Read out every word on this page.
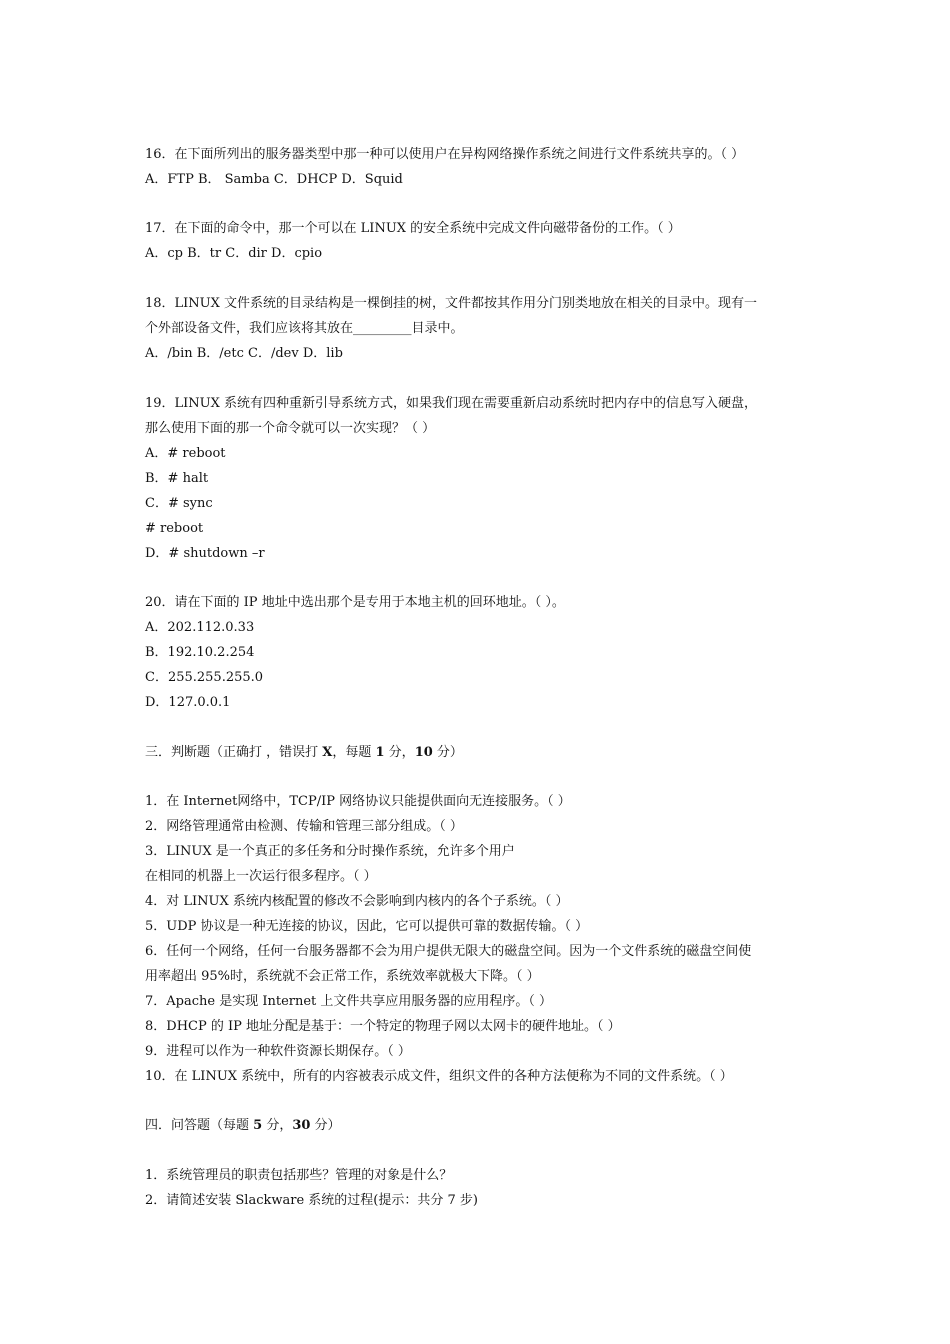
16．在下面所列出的服务器类型中那一种可以使用户在异构网络操作系统之间进行文件系统共享的。（ ）
A．FTP B． Samba C．DHCP D．Squid
17．在下面的命令中，那一个可以在 LINUX 的安全系统中完成文件向磁带备份的工作。（ ）
A．cp B．tr C．dir D．cpio
18．LINUX 文件系统的目录结构是一棵倒挂的树，文件都按其作用分门别类地放在相关的目录中。现有一
个外部设备文件，我们应该将其放在_________目录中。
A．/bin B．/etc C．/dev D．lib
19．LINUX 系统有四种重新引导系统方式，如果我们现在需要重新启动系统时把内存中的信息写入硬盘，
那么使用下面的那一个命令就可以一次实现？（ ）
A．# reboot
B．# halt
C．# sync
# reboot
D．# shutdown –r
20．请在下面的 IP 地址中选出那个是专用于本地主机的回环地址。（ ）。
A．202.112.0.33
B．192.10.2.254
C．255.255.255.0
D．127.0.0.1
三．判断题（正确打 ，错误打 X，每题 1 分，10 分）
1．在 Internet网络中，TCP/IP 网络协议只能提供面向无连接服务。（ ）
2．网络管理通常由检测、传输和管理三部分组成。（ ）
3．LINUX 是一个真正的多任务和分时操作系统，允许多个用户
在相同的机器上一次运行很多程序。（ ）
4．对 LINUX 系统内核配置的修改不会影响到内核内的各个子系统。（ ）
5．UDP 协议是一种无连接的协议，因此，它可以提供可靠的数据传输。（ ）
6．任何一个网络，任何一台服务器都不会为用户提供无限大的磁盘空间。因为一个文件系统的磁盘空间使
用率超出 95%时，系统就不会正常工作，系统效率就极大下降。（ ）
7．Apache 是实现 Internet 上文件共享应用服务器的应用程序。（ ）
8．DHCP 的 IP 地址分配是基于：一个特定的物理子网以太网卡的硬件地址。（ ）
9．进程可以作为一种软件资源长期保存。（ ）
10．在 LINUX 系统中，所有的内容被表示成文件，组织文件的各种方法便称为不同的文件系统。（ ）
四．问答题（每题 5 分，30 分）
1．系统管理员的职责包括那些？管理的对象是什么？
2．请简述安装 Slackware 系统的过程(提示：共分 7 步)
